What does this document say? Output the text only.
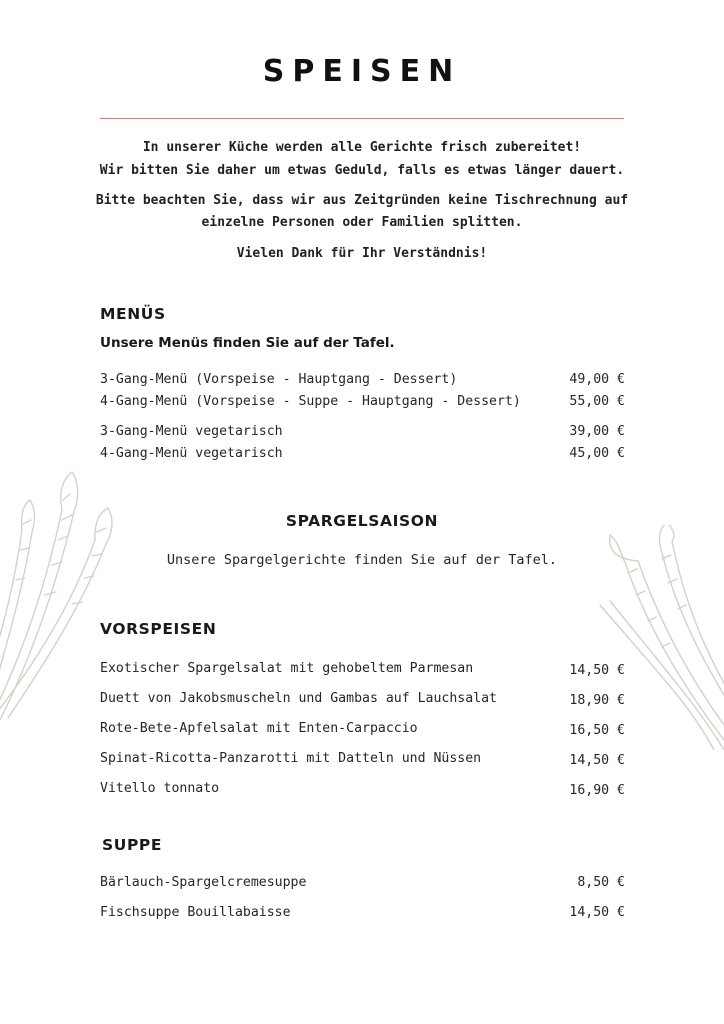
SPEISEN
In unserer Küche werden alle Gerichte frisch zubereitet!
Wir bitten Sie daher um etwas Geduld, falls es etwas länger dauert.
Bitte beachten Sie, dass wir aus Zeitgründen keine Tischrechnung auf
einzelne Personen oder Familien splitten.
Vielen Dank für Ihr Verständnis!
MENÜS
Unsere Menüs finden Sie auf der Tafel.
3-Gang-Menü (Vorspeise - Hauptgang - Dessert)	49,00 €
4-Gang-Menü (Vorspeise - Suppe - Hauptgang - Dessert)	55,00 €
3-Gang-Menü vegetarisch	39,00 €
4-Gang-Menü vegetarisch	45,00 €
SPARGELSAISON
Unsere Spargelgerichte finden Sie auf der Tafel.
VORSPEISEN
Exotischer Spargelsalat mit gehobeltem Parmesan	14,50 €
Duett von Jakobsmuscheln und Gambas auf Lauchsalat	18,90 €
Rote-Bete-Apfelsalat mit Enten-Carpaccio	16,50 €
Spinat-Ricotta-Panzarotti mit Datteln und Nüssen	14,50 €
Vitello tonnato	16,90 €
SUPPE
Bärlauch-Spargelcremesuppe	8,50 €
Fischsuppe Bouillabaisse	14,50 €
